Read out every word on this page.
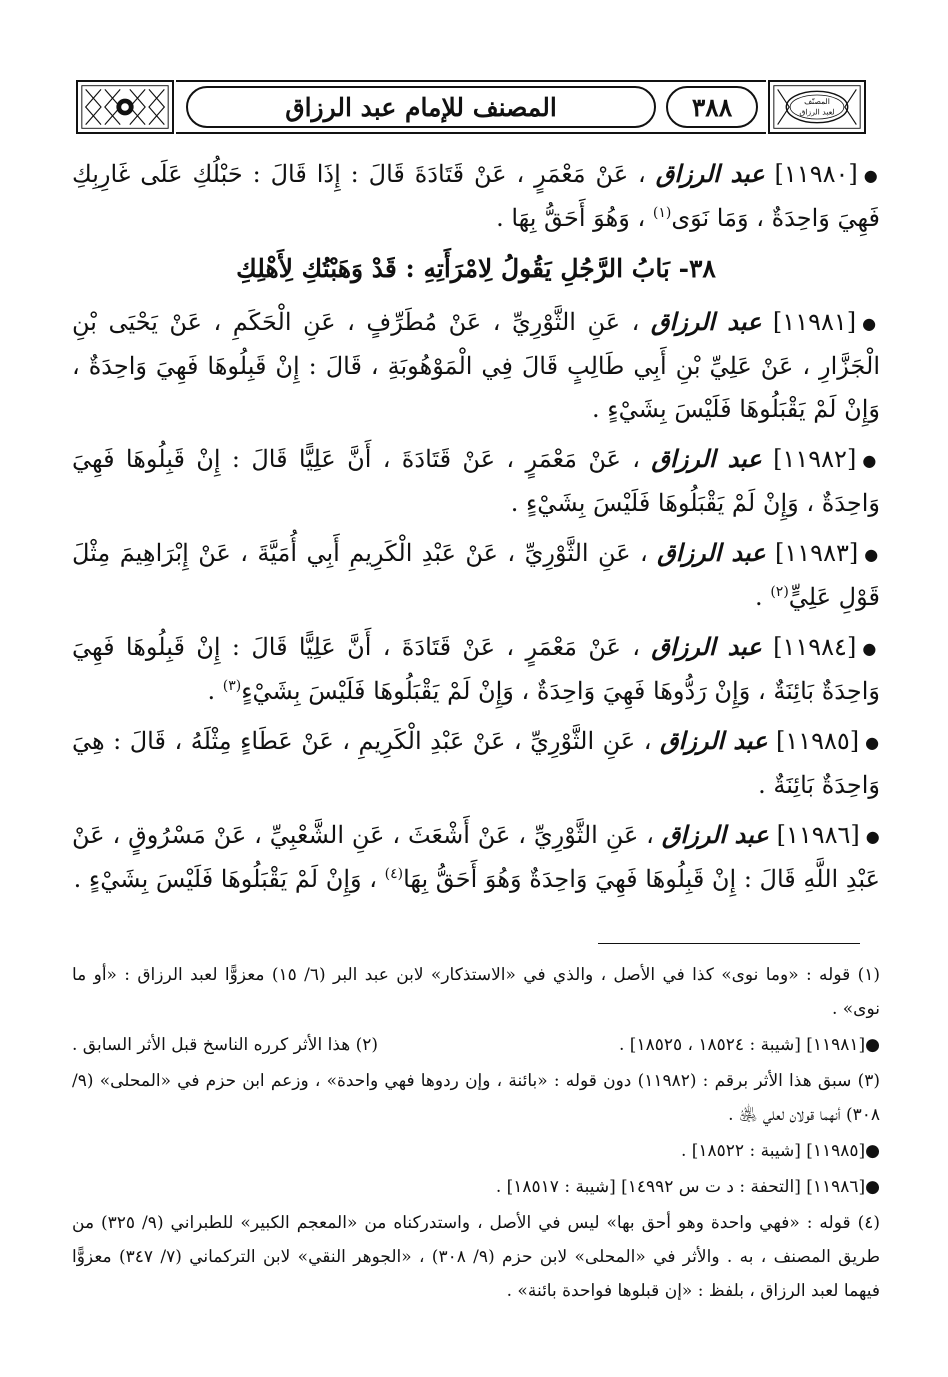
المصنف للإمام عبد الرزاق	٣٨٨	المصنّف
لعبد الرزاق

●[١١٩٨٠] عبد الرزاق ، عَنْ مَعْمَرٍ ، عَنْ قَتَادَةَ قَالَ : إِذَا قَالَ : حَبْلُكِ عَلَى غَارِبِكِ فَهِيَ وَاحِدَةٌ ، وَمَا نَوَى$^{(١)}$ ، وَهُوَ أَحَقُّ بِهَا .

٣٨- بَابُ الرَّجُلِ يَقُولُ لِامْرَأَتِهِ : قَدْ وَهَبْتُكِ لِأَهْلِكِ

●[١١٩٨١] عبد الرزاق ، عَنِ الثَّوْرِيِّ ، عَنْ مُطَرِّفٍ ، عَنِ الْحَكَمِ ، عَنْ يَحْيَى بْنِ الْجَزَّارِ ، عَنْ عَلِيِّ بْنِ أَبِي طَالِبٍ قَالَ فِي الْمَوْهُوبَةِ ، قَالَ : إِنْ قَبِلُوهَا فَهِيَ وَاحِدَةٌ ، وَإِنْ لَمْ يَقْبَلُوهَا فَلَيْسَ بِشَيْءٍ .

●[١١٩٨٢] عبد الرزاق ، عَنْ مَعْمَرٍ ، عَنْ قَتَادَةَ ، أَنَّ عَلِيًّا قَالَ : إِنْ قَبِلُوهَا فَهِيَ وَاحِدَةٌ ، وَإِنْ لَمْ يَقْبَلُوهَا فَلَيْسَ بِشَيْءٍ .

●[١١٩٨٣] عبد الرزاق ، عَنِ الثَّوْرِيِّ ، عَنْ عَبْدِ الْكَرِيمِ أَبِي أُمَيَّةَ ، عَنْ إِبْرَاهِيمَ مِثْلَ قَوْلِ عَلِيٍّ$^{(٢)}$ .

●[١١٩٨٤] عبد الرزاق ، عَنْ مَعْمَرٍ ، عَنْ قَتَادَةَ ، أَنَّ عَلِيًّا قَالَ : إِنْ قَبِلُوهَا فَهِيَ وَاحِدَةٌ بَائِنَةٌ ، وَإِنْ رَدُّوهَا فَهِيَ وَاحِدَةٌ ، وَإِنْ لَمْ يَقْبَلُوهَا فَلَيْسَ بِشَيْءٍ$^{(٣)}$ .

●[١١٩٨٥] عبد الرزاق ، عَنِ الثَّوْرِيِّ ، عَنْ عَبْدِ الْكَرِيمِ ، عَنْ عَطَاءٍ مِثْلَهُ ، قَالَ : هِيَ وَاحِدَةٌ بَائِنَةٌ .

●[١١٩٨٦] عبد الرزاق ، عَنِ الثَّوْرِيِّ ، عَنْ أَشْعَثَ ، عَنِ الشَّعْبِيِّ ، عَنْ مَسْرُوقٍ ، عَنْ عَبْدِ اللَّهِ قَالَ : إِنْ قَبِلُوهَا فَهِيَ وَاحِدَةٌ وَهُوَ أَحَقُّ بِهَا$^{(٤)}$ ، وَإِنْ لَمْ يَقْبَلُوهَا فَلَيْسَ بِشَيْءٍ .

(١) قوله : «وما نوى» كذا في الأصل ، والذي في «الاستذكار» لابن عبد البر (٦/ ١٥) معزوًّا لعبد الرزاق : «أو ما نوى» .

●[١١٩٨١] [شيبة : ١٨٥٢٤ ، ١٨٥٢٥] .
(٢) هذا الأثر كرره الناسخ قبل الأثر السابق .

(٣) سبق هذا الأثر برقم : (١١٩٨٢) دون قوله : «بائنة ، وإن ردوها فهي واحدة» ، وزعم ابن حزم في «المحلى» (٩/ ٣٠٨) أنهما قولان لعلي ﵁ .

●[١١٩٨٥] [شيبة : ١٨٥٢٢] .

●[١١٩٨٦] [التحفة : د ت س ١٤٩٩٢] [شيبة : ١٨٥١٧] .

(٤) قوله : «فهي واحدة وهو أحق بها» ليس في الأصل ، واستدركناه من «المعجم الكبير» للطبراني (٩/ ٣٢٥) من طريق المصنف ، به . والأثر في «المحلى» لابن حزم (٩/ ٣٠٨) ، «الجوهر النقي» لابن التركماني (٧/ ٣٤٧) معزوًّا فيهما لعبد الرزاق ، بلفظ : «إن قبلوها فواحدة بائنة» .
